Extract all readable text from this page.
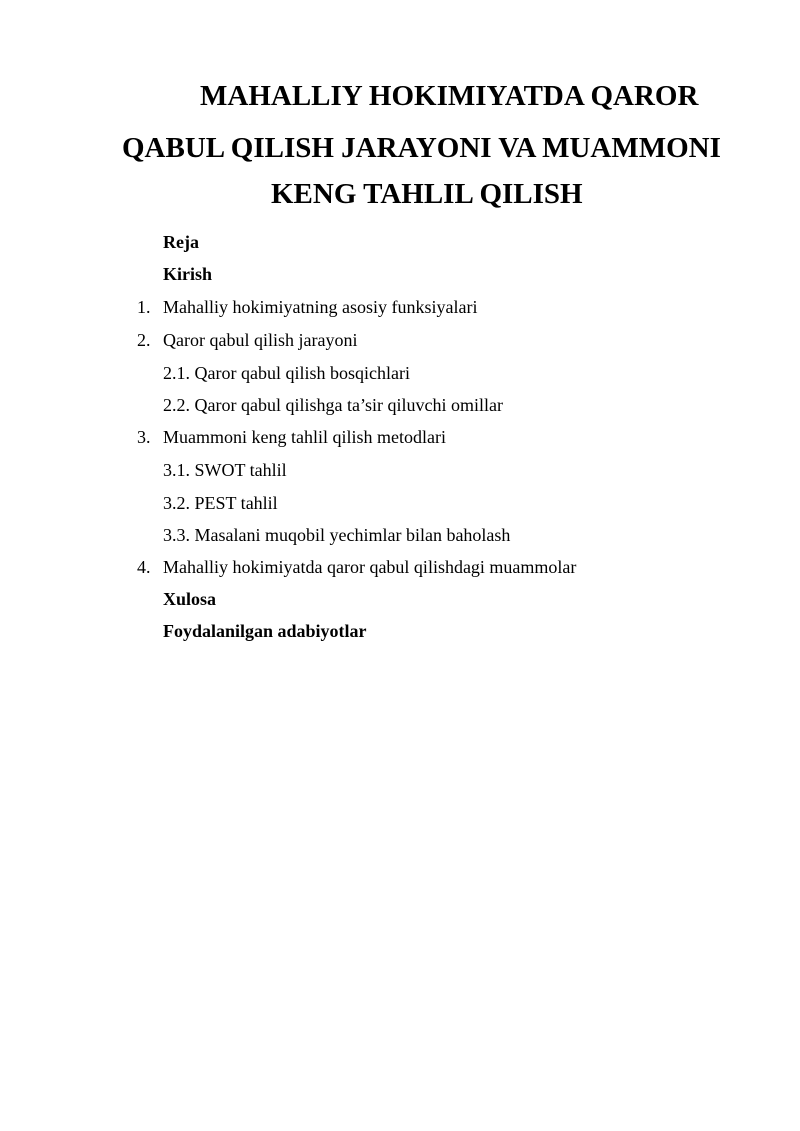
MAHALLIY HOKIMIYATDA QAROR
QABUL QILISH JARAYONI VA MUAMMONI
KENG TAHLIL QILISH
Reja
Kirish
1. Mahalliy hokimiyatning asosiy funksiyalari
2. Qaror qabul qilish jarayoni
2.1. Qaror qabul qilish bosqichlari
2.2. Qaror qabul qilishga ta’sir qiluvchi omillar
3. Muammoni keng tahlil qilish metodlari
3.1. SWOT tahlil
3.2. PEST tahlil
3.3. Masalani muqobil yechimlar bilan baholash
4. Mahalliy hokimiyatda qaror qabul qilishdagi muammolar
Xulosa
Foydalanilgan adabiyotlar
